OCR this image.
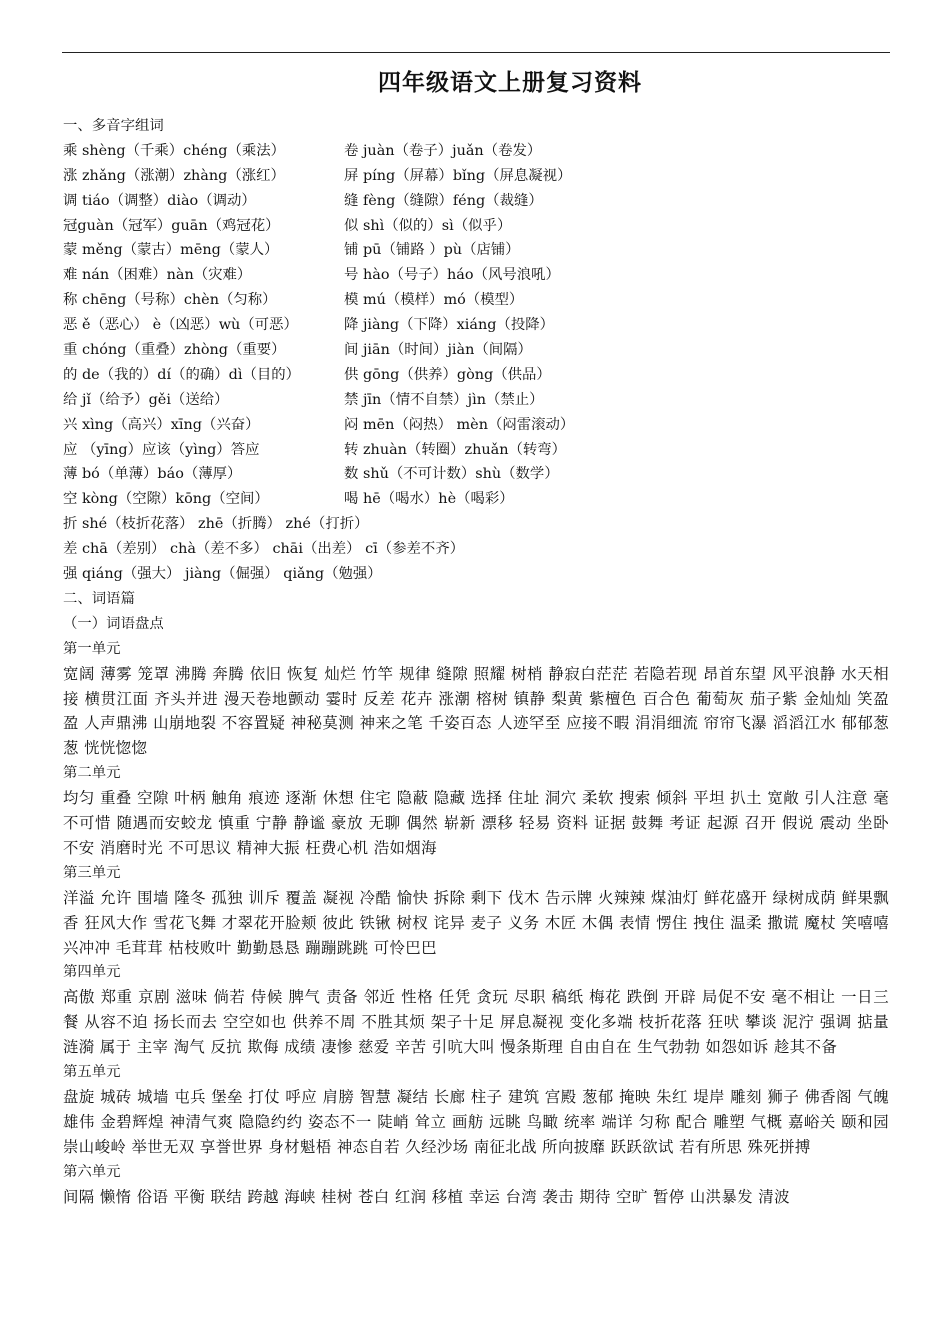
四年级语文上册复习资料
一、多音字组词
乘 shèng（千乘）chéng（乘法）	卷 juàn（卷子）juǎn（卷发）
涨 zhǎng（涨潮）zhàng（涨红）	屏 píng（屏幕）bǐng（屏息凝视）
调 tiáo（调整）diào（调动）	缝 fèng（缝隙）féng（裁缝）
冠guàn（冠军）guān（鸡冠花）	似 shì（似的）sì（似乎）
蒙 měng（蒙古）mēng（蒙人）	铺 pū（铺路 ）pù（店铺）
难 nán（困难）nàn（灾难）	号 hào（号子）háo（风号浪吼）
称 chēng（号称）chèn（匀称）	模 mú（模样）mó（模型）
恶 ě（恶心） è（凶恶）wù（可恶）	降 jiàng（下降）xiáng（投降）
重 chóng（重叠）zhòng（重要）	间 jiān（时间）jiàn（间隔）
的 de（我的）dí（的确）dì（目的）	供 gōng（供养）gòng（供品）
给 jǐ（给予）gěi（送给）	禁 jīn（情不自禁）jìn（禁止）
兴 xìng（高兴）xīng（兴奋）	闷 mēn（闷热） mèn（闷雷滚动）
应 （yīng）应该（yìng）答应	转 zhuàn（转圈）zhuǎn（转弯）
薄 bó（单薄）báo（薄厚）	数 shǔ（不可计数）shù（数学）
空 kòng（空隙）kōng（空间）	喝 hē（喝水）hè（喝彩）
折 shé（枝折花落） zhē（折腾） zhé（打折）
差 chā（差别） chà（差不多） chāi（出差） cī（参差不齐）
强 qiáng（强大） jiàng（倔强） qiǎng（勉强）
二、词语篇
（一）词语盘点
第一单元
宽阔 薄雾 笼罩 沸腾 奔腾 依旧 恢复 灿烂 竹竿 规律 缝隙 照耀 树梢 静寂白茫茫 若隐若现 昂首东望 风平浪静 水天相接 横贯江面 齐头并进 漫天卷地颤动 霎时 反差 花卉 涨潮 榕树 镇静 梨黄 紫檀色 百合色 葡萄灰 茄子紫 金灿灿 笑盈盈 人声鼎沸 山崩地裂 不容置疑 神秘莫测 神来之笔 千姿百态 人迹罕至 应接不暇 涓涓细流 帘帘飞瀑 滔滔江水 郁郁葱葱 恍恍惚惚
第二单元
均匀 重叠 空隙 叶柄 触角 痕迹 逐渐 休想 住宅 隐蔽 隐藏 选择 住址 洞穴 柔软 搜索 倾斜 平坦 扒土 宽敞 引人注意 毫不可惜 随遇而安蛟龙 慎重 宁静 静谧 豪放 无聊 偶然 崭新 漂移 轻易 资料 证据 鼓舞 考证 起源 召开 假说 震动 坐卧不安 消磨时光 不可思议 精神大振 枉费心机 浩如烟海
第三单元
洋溢 允许 围墙 隆冬 孤独 训斥 覆盖 凝视 冷酷 愉快 拆除 剩下 伐木 告示牌 火辣辣 煤油灯 鲜花盛开 绿树成荫 鲜果飘香 狂风大作 雪花飞舞 才翠花开脸颊 彼此 铁锹 树杈 诧异 麦子 义务 木匠 木偶 表情 愣住 拽住 温柔 撒谎 魔杖 笑嘻嘻 兴冲冲 毛茸茸 枯枝败叶 勤勤恳恳 蹦蹦跳跳 可怜巴巴
第四单元
高傲 郑重 京剧 滋味 倘若 侍候 脾气 责备 邻近 性格 任凭 贪玩 尽职 稿纸 梅花 跌倒 开辟 局促不安 毫不相让 一日三餐 从容不迫 扬长而去 空空如也 供养不周 不胜其烦 架子十足 屏息凝视 变化多端 枝折花落 狂吠 攀谈 泥泞 强调 掂量 涟漪 属于 主宰 淘气 反抗 欺侮 成绩 凄惨 慈爱 辛苦 引吭大叫 慢条斯理 自由自在 生气勃勃 如怨如诉 趁其不备
第五单元
盘旋 城砖 城墙 屯兵 堡垒 打仗 呼应 肩膀 智慧 凝结 长廊 柱子 建筑 宫殿 葱郁 掩映 朱红 堤岸 雕刻 狮子 佛香阁 气魄雄伟 金碧辉煌 神清气爽 隐隐约约 姿态不一 陡峭 耸立 画舫 远眺 鸟瞰 统率 端详 匀称 配合 雕塑 气概 嘉峪关 颐和园 崇山峻岭 举世无双 享誉世界 身材魁梧 神态自若 久经沙场 南征北战 所向披靡 跃跃欲试 若有所思 殊死拼搏
第六单元
间隔 懒惰 俗语 平衡 联结 跨越 海峡 桂树 苍白 红润 移植 幸运 台湾 袭击 期待 空旷 暂停 山洪暴发 清波
